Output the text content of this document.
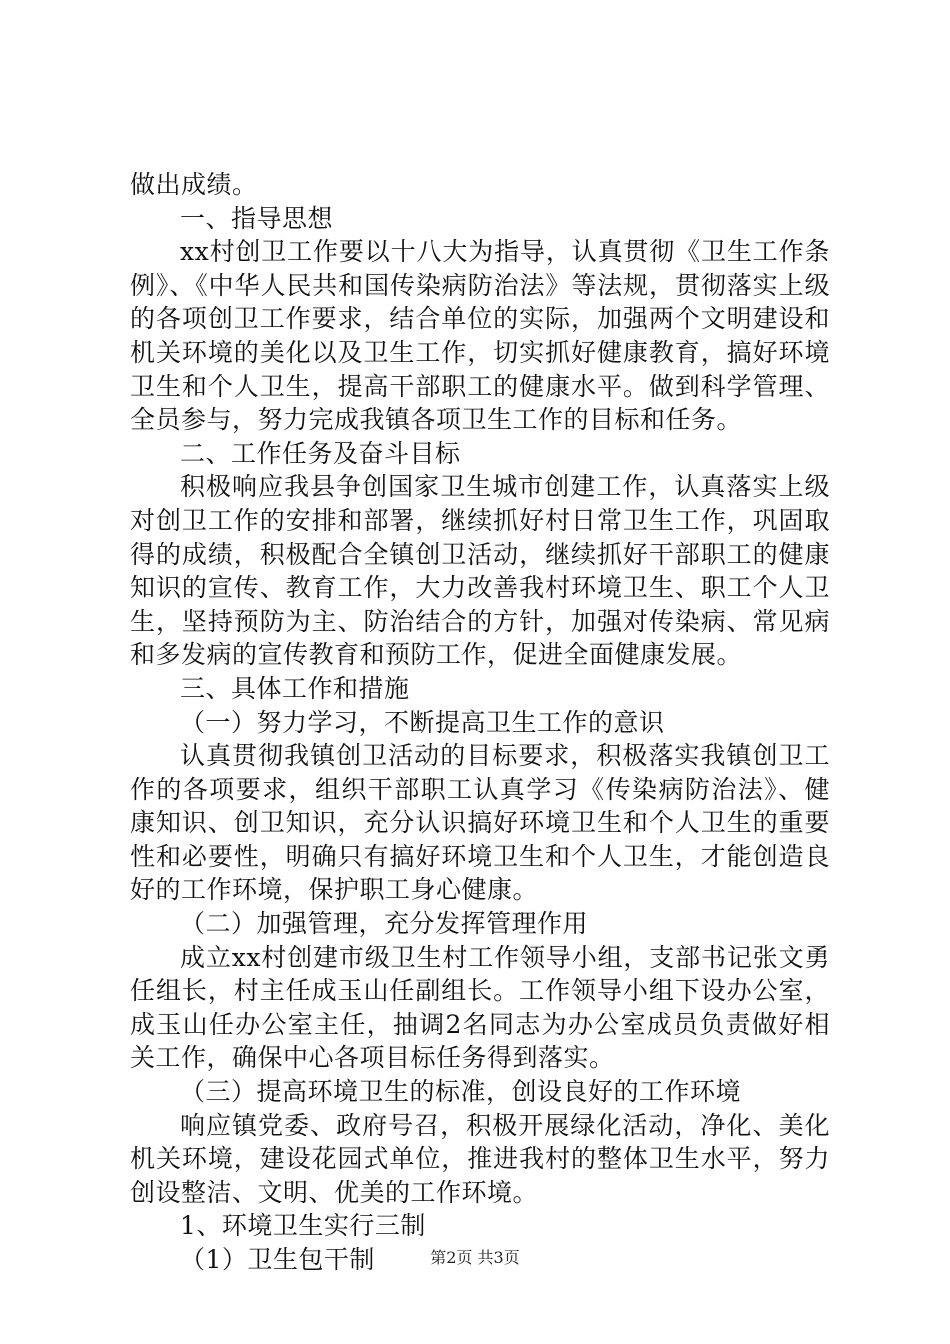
做出成绩。

一、指导思想

xx村创卫工作要以十八大为指导，认真贯彻《卫生工作条例》、《中华人民共和国传染病防治法》等法规，贯彻落实上级的各项创卫工作要求，结合单位的实际，加强两个文明建设和机关环境的美化以及卫生工作，切实抓好健康教育，搞好环境卫生和个人卫生，提高干部职工的健康水平。做到科学管理、全员参与，努力完成我镇各项卫生工作的目标和任务。

二、工作任务及奋斗目标

积极响应我县争创国家卫生城市创建工作，认真落实上级对创卫工作的安排和部署，继续抓好村日常卫生工作，巩固取得的成绩，积极配合全镇创卫活动，继续抓好干部职工的健康知识的宣传、教育工作，大力改善我村环境卫生、职工个人卫生，坚持预防为主、防治结合的方针，加强对传染病、常见病和多发病的宣传教育和预防工作，促进全面健康发展。

三、具体工作和措施

（一）努力学习，不断提高卫生工作的意识

认真贯彻我镇创卫活动的目标要求，积极落实我镇创卫工作的各项要求，组织干部职工认真学习《传染病防治法》、健康知识、创卫知识，充分认识搞好环境卫生和个人卫生的重要性和必要性，明确只有搞好环境卫生和个人卫生，才能创造良好的工作环境，保护职工身心健康。

（二）加强管理，充分发挥管理作用

成立xx村创建市级卫生村工作领导小组，支部书记张文勇任组长，村主任成玉山任副组长。工作领导小组下设办公室，成玉山任办公室主任，抽调2名同志为办公室成员负责做好相关工作，确保中心各项目标任务得到落实。

（三）提高环境卫生的标准，创设良好的工作环境

响应镇党委、政府号召，积极开展绿化活动，净化、美化机关环境，建设花园式单位，推进我村的整体卫生水平，努力创设整洁、文明、优美的工作环境。

1、环境卫生实行三制

（1）卫生包干制	第2页 共3页
